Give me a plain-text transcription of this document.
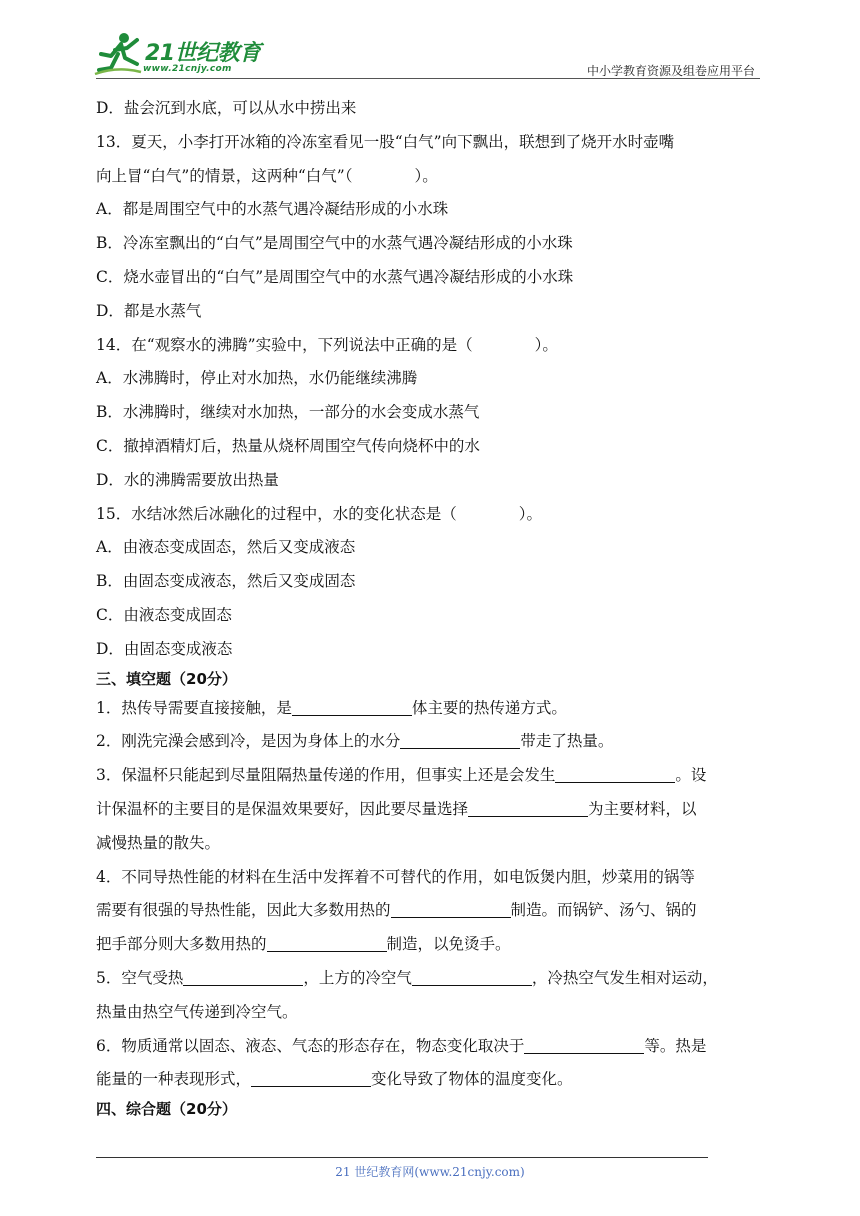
21世纪教育
www.21cnjy.com	中小学教育资源及组卷应用平台
D．盐会沉到水底，可以从水中捞出来
13．夏天，小李打开冰箱的冷冻室看见一股“白气”向下飘出，联想到了烧开水时壶嘴
向上冒“白气”的情景，这两种“白气”（　　　　）。
A．都是周围空气中的水蒸气遇冷凝结形成的小水珠
B．冷冻室飘出的“白气”是周围空气中的水蒸气遇冷凝结形成的小水珠
C．烧水壶冒出的“白气”是周围空气中的水蒸气遇冷凝结形成的小水珠
D．都是水蒸气
14．在“观察水的沸腾”实验中，下列说法中正确的是（　　　　）。
A．水沸腾时，停止对水加热，水仍能继续沸腾
B．水沸腾时，继续对水加热，一部分的水会变成水蒸气
C．撤掉酒精灯后，热量从烧杯周围空气传向烧杯中的水
D．水的沸腾需要放出热量
15．水结冰然后冰融化的过程中，水的变化状态是（　　　　）。
A．由液态变成固态，然后又变成液态
B．由固态变成液态，然后又变成固态
C．由液态变成固态
D．由固态变成液态
三、填空题（20分）
1．热传导需要直接接触，是	体主要的热传递方式。
2．刚洗完澡会感到冷，是因为身体上的水分	带走了热量。
3．保温杯只能起到尽量阻隔热量传递的作用，但事实上还是会发生	。设
计保温杯的主要目的是保温效果要好，因此要尽量选择	为主要材料，以
减慢热量的散失。
4．不同导热性能的材料在生活中发挥着不可替代的作用，如电饭煲内胆，炒菜用的锅等
需要有很强的导热性能，因此大多数用热的	制造。而锅铲、汤勺、锅的
把手部分则大多数用热的	制造，以免烫手。
5．空气受热	，上方的冷空气	，冷热空气发生相对运动，
热量由热空气传递到冷空气。
6．物质通常以固态、液态、气态的形态存在，物态变化取决于	等。热是
能量的一种表现形式，	变化导致了物体的温度变化。
四、综合题（20分）
21 世纪教育网(www.21cnjy.com)
